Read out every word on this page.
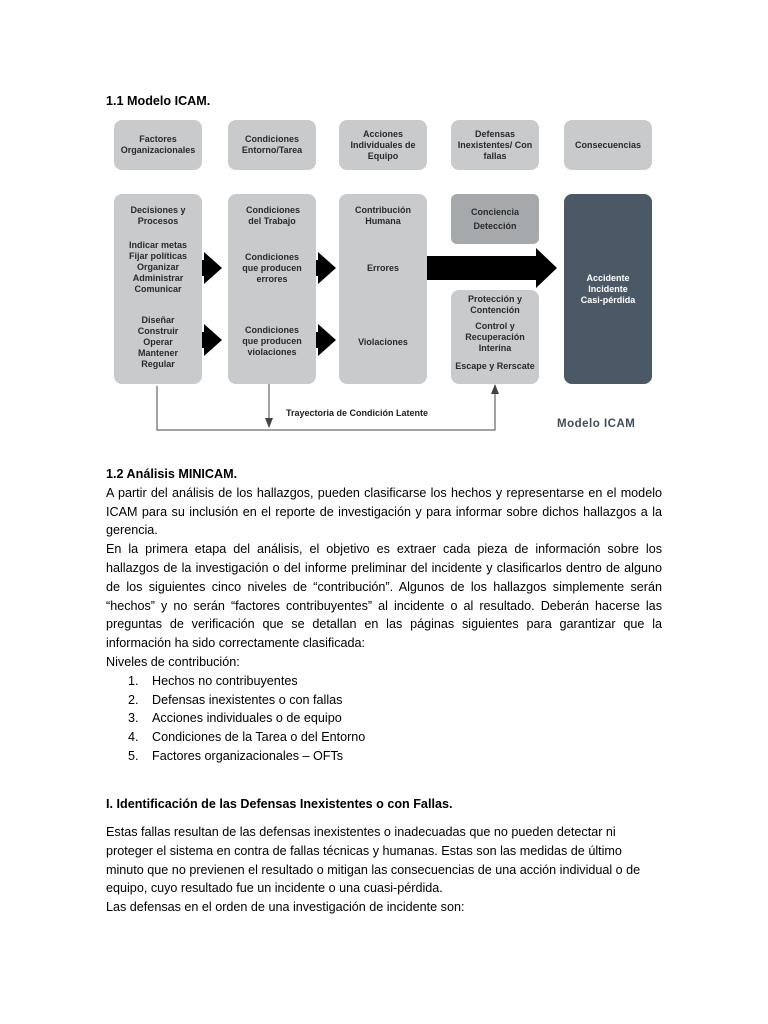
1.1 Modelo ICAM.
Factores Organizacionales
Condiciones Entorno/Tarea
Acciones Individuales de Equipo
Defensas Inexistentes/ Con fallas
Consecuencias
Decisiones y Procesos
Indicar metas
Fijar políticas
Organizar
Administrar
Comunicar
Diseñar
Construir
Operar
Mantener
Regular
Condiciones del Trabajo
Condiciones que producen errores
Condiciones que producen violaciones
Contribución Humana
Errores
Violaciones
Conciencia
Detección
Protección y Contención
Control y Recuperación Interina
Escape y Rerscate
Accidente
Incidente
Casi-pérdida
Trayectoria de Condición Latente
Modelo ICAM
1.2 Análisis MINICAM.
A partir del análisis de los hallazgos, pueden clasificarse los hechos y representarse en el modelo ICAM para su inclusión en el reporte de investigación y para informar sobre dichos hallazgos a la gerencia.
En la primera etapa del análisis, el objetivo es extraer cada pieza de información sobre los hallazgos de la investigación o del informe preliminar del incidente y clasificarlos dentro de alguno de los siguientes cinco niveles de “contribución”. Algunos de los hallazgos simplemente serán “hechos” y no serán “factores contribuyentes” al incidente o al resultado. Deberán hacerse las preguntas de verificación que se detallan en las páginas siguientes para garantizar que la información ha sido correctamente clasificada:
Niveles de contribución:
1. Hechos no contribuyentes
2. Defensas inexistentes o con fallas
3. Acciones individuales o de equipo
4. Condiciones de la Tarea o del Entorno
5. Factores organizacionales – OFTs
I. Identificación de las Defensas Inexistentes o con Fallas.
Estas fallas resultan de las defensas inexistentes o inadecuadas que no pueden detectar ni proteger el sistema en contra de fallas técnicas y humanas. Estas son las medidas de último minuto que no previenen el resultado o mitigan las consecuencias de una acción individual o de equipo, cuyo resultado fue un incidente o una cuasi-pérdida.
Las defensas en el orden de una investigación de incidente son:
